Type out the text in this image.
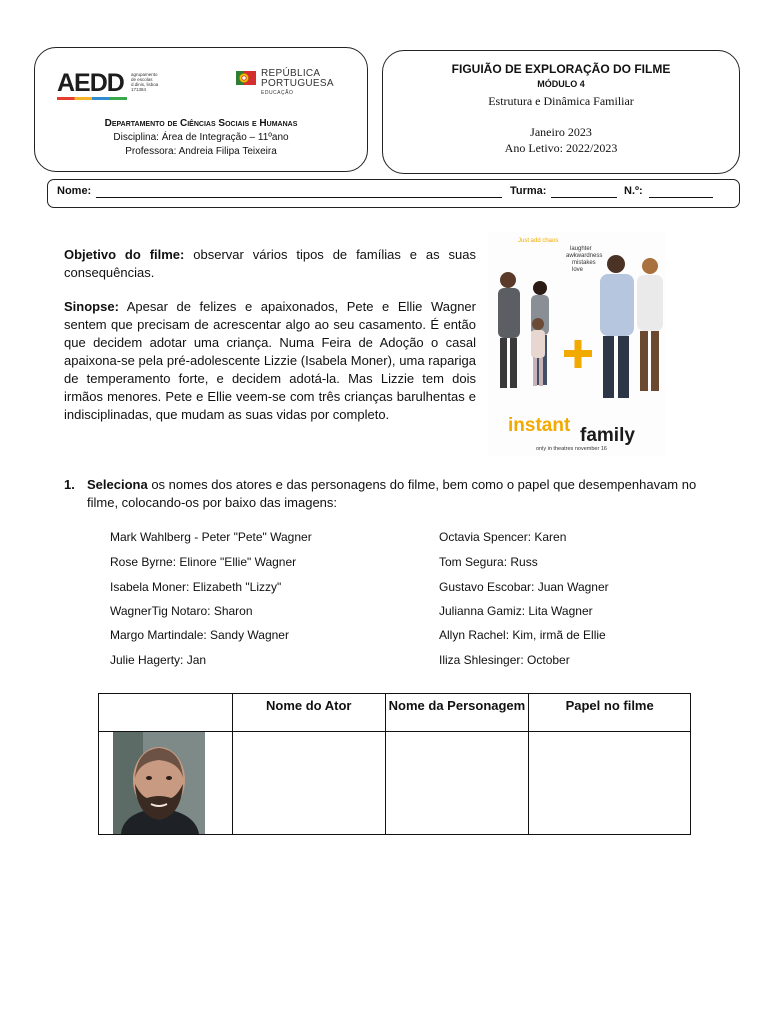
AEDD agrupamento de escolas d.dinis, lisboa 171384
REPÚBLICA
PORTUGUESA
EDUCAÇÃO
Departamento de Ciências Sociais e Humanas
Disciplina: Área de Integração – 11ºano
Professora: Andreia Filipa Teixeira
FIGUIÃO DE EXPLORAÇÃO DO FILME
MÓDULO 4
Estrutura e Dinâmica Familiar
Janeiro 2023
Ano Letivo: 2022/2023
Nome:	Turma:	N.º:
Objetivo do filme: observar vários tipos de famílias e as suas consequências.
Sinopse: Apesar de felizes e apaixonados, Pete e Ellie Wagner sentem que precisam de acrescentar algo ao seu casamento. É então que decidem adotar uma criança. Numa Feira de Adoção o casal apaixona-se pela pré-adolescente Lizzie (Isabela Moner), uma rapariga de temperamento forte, e decidem adotá-la. Mas Lizzie tem dois irmãos menores. Pete e Ellie veem-se com três crianças barulhentas e indisciplinadas, que mudam as suas vidas por completo.
Just add chaos
laughter
awkwardness
mistakes
love
instant family
only in theatres november 16
1. Seleciona os nomes dos atores e das personagens do filme, bem como o papel que desempenhavam no filme, colocando-os por baixo das imagens:
Mark Wahlberg - Peter "Pete" Wagner
Rose Byrne: Elinore "Ellie" Wagner
Isabela Moner: Elizabeth "Lizzy"
WagnerTig Notaro: Sharon
Margo Martindale: Sandy Wagner
Julie Hagerty: Jan
Octavia Spencer: Karen
Tom Segura: Russ
Gustavo Escobar: Juan Wagner
Julianna Gamiz: Lita Wagner
Allyn Rachel: Kim, irmã de Ellie
Iliza Shlesinger: October
	Nome do Ator	Nome da Personagem	Papel no filme
